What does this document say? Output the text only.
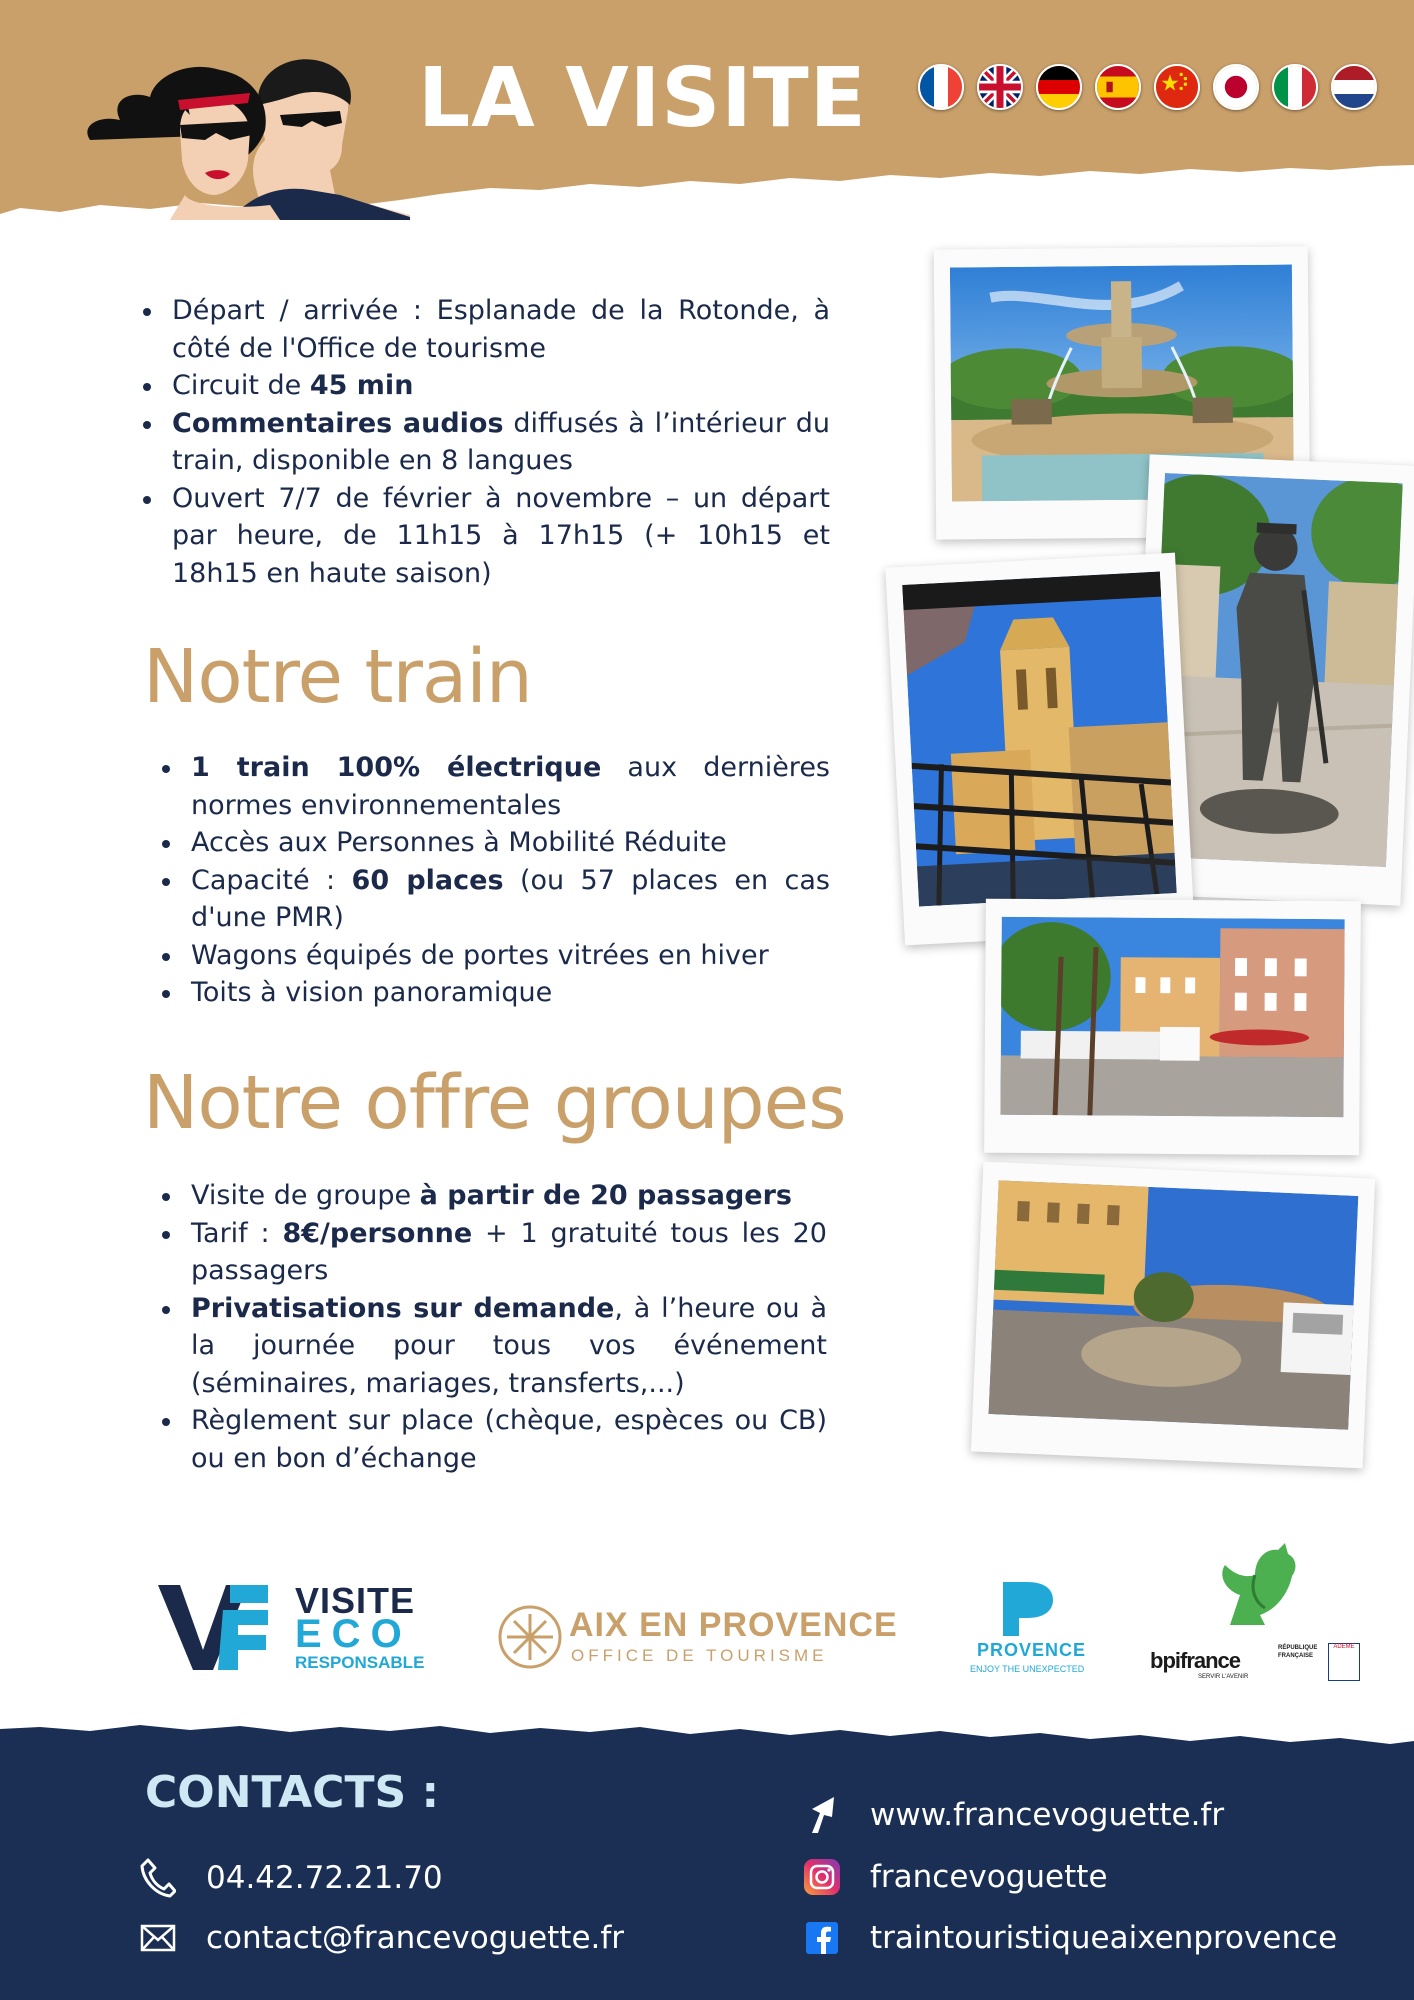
LA VISITE
Départ / arrivée : Esplanade de la Rotonde, à côté de l'Office de tourisme
Circuit de 45 min
Commentaires audios diffusés à l’intérieur du train, disponible en 8 langues
Ouvert 7/7 de février à novembre – un départ par heure, de 11h15 à 17h15 (+ 10h15 et 18h15 en haute saison)
Notre train
1 train 100% électrique aux dernières normes environnementales
Accès aux Personnes à Mobilité Réduite
Capacité : 60 places (ou 57 places en cas d'une PMR)
Wagons équipés de portes vitrées en hiver
Toits à vision panoramique
Notre offre groupes
Visite de groupe à partir de 20 passagers
Tarif : 8€/personne + 1 gratuité tous les 20 passagers
Privatisations sur demande, à l’heure ou à la journée pour tous vos événement (séminaires, mariages, transferts,...)
Règlement sur place (chèque, espèces ou CB) ou en bon d’échange
VISITE
ECO
RESPONSABLE
AIX EN PROVENCE
OFFICE DE TOURISME	PROVENCE
ENJOY THE UNEXPECTED	bpifrance
SERVIR L'AVENIR
RÉPUBLIQUE FRANÇAISE
ADEME
CONTACTS :
04.42.72.21.70
contact@francevoguette.fr
www.francevoguette.fr
francevoguette
traintouristiqueaixenprovence
